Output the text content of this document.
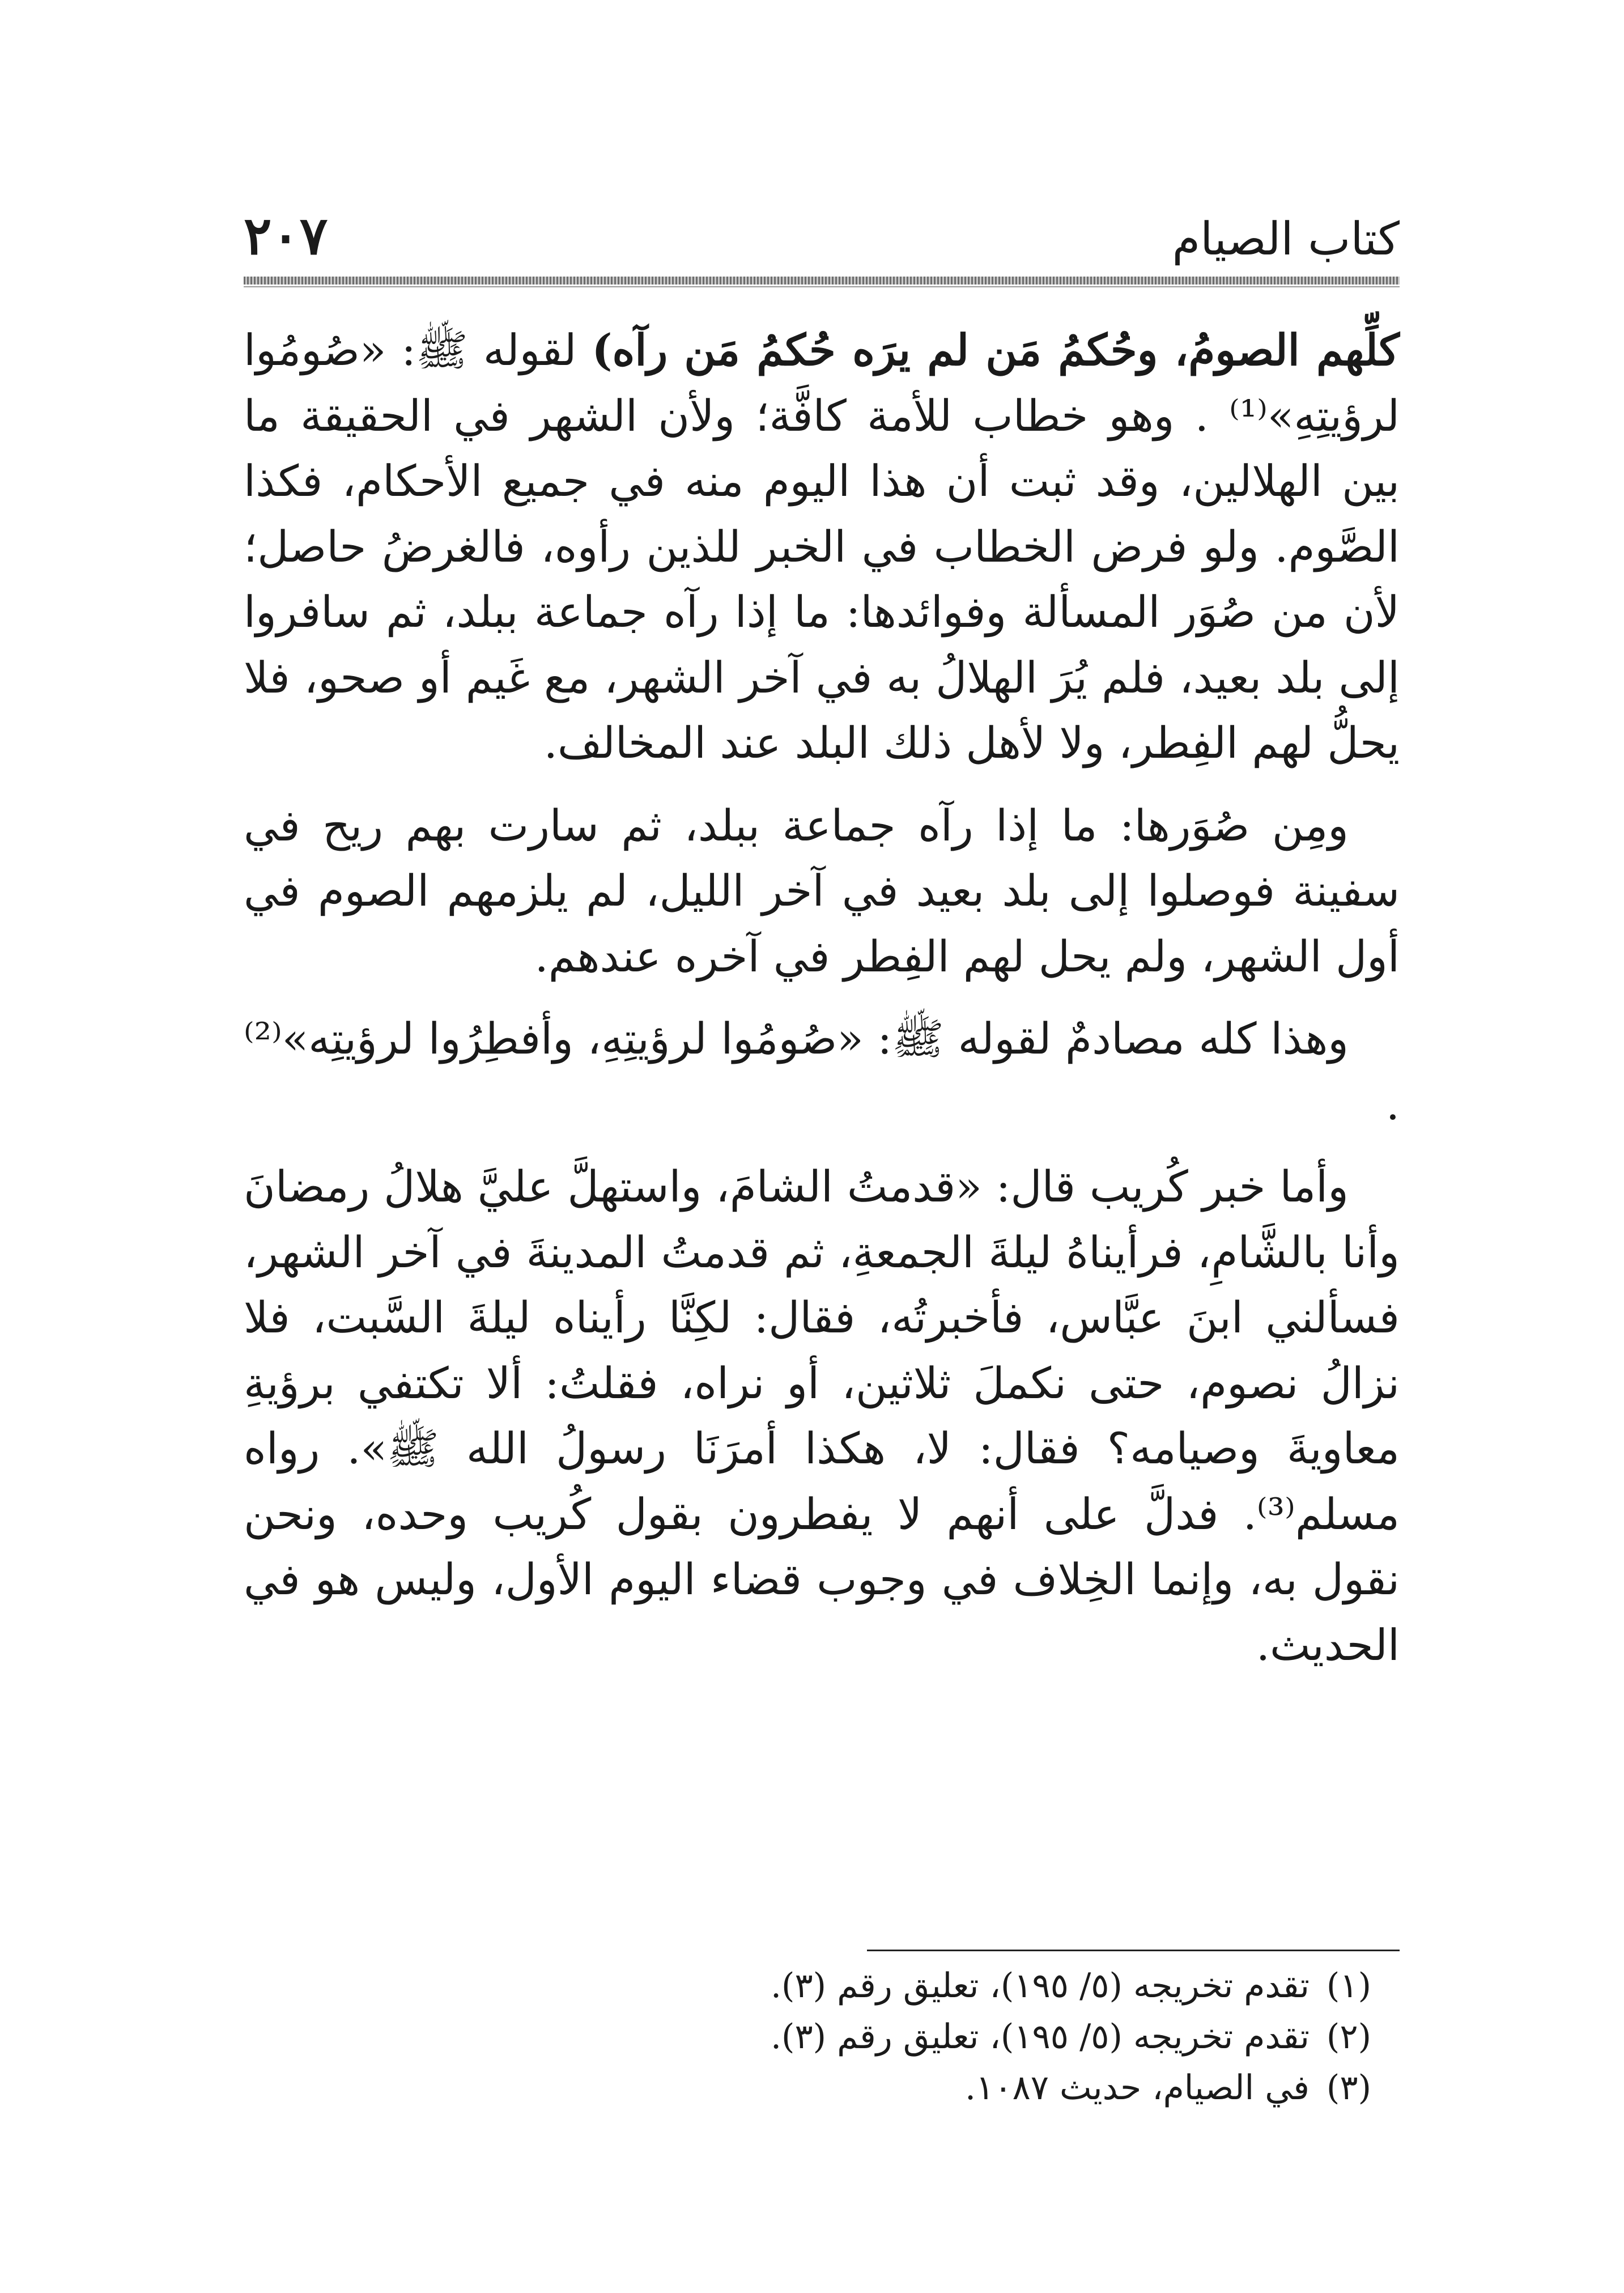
كتاب الصيام
٢٠٧

كلِّهم الصومُ، وحُكمُ مَن لم يرَه حُكمُ مَن رآه) لقوله ﷺ: «صُومُوا لرؤيتِهِ»⁽¹⁾ . وهو خطاب للأمة كافَّة؛ ولأن الشهر في الحقيقة ما بين الهلالين، وقد ثبت أن هذا اليوم منه في جميع الأحكام، فكذا الصَّوم. ولو فرض الخطاب في الخبر للذين رأوه، فالغرضُ حاصل؛ لأن من صُوَر المسألة وفوائدها: ما إذا رآه جماعة ببلد، ثم سافروا إلى بلد بعيد، فلم يُرَ الهلالُ به في آخر الشهر، مع غَيم أو صحو، فلا يحلُّ لهم الفِطر، ولا لأهل ذلك البلد عند المخالف.

ومِن صُوَرها: ما إذا رآه جماعة ببلد، ثم سارت بهم ريح في سفينة فوصلوا إلى بلد بعيد في آخر الليل، لم يلزمهم الصوم في أول الشهر، ولم يحل لهم الفِطر في آخره عندهم.

وهذا كله مصادمٌ لقوله ﷺ: «صُومُوا لرؤيتِهِ، وأفطِرُوا لرؤيتِه»⁽²⁾ .

وأما خبر كُريب قال: «قدمتُ الشامَ، واستهلَّ عليَّ هلالُ رمضانَ وأنا بالشَّامِ، فرأيناهُ ليلةَ الجمعةِ، ثم قدمتُ المدينةَ في آخر الشهر، فسألني ابنَ عبَّاس، فأخبرتُه، فقال: لكِنَّا رأيناه ليلةَ السَّبت، فلا نزالُ نصوم، حتى نكملَ ثلاثين، أو نراه، فقلتُ: ألا تكتفي برؤيةِ معاويةَ وصيامه؟ فقال: لا، هكذا أمرَنَا رسولُ الله ﷺ». رواه مسلم⁽³⁾. فدلَّ على أنهم لا يفطرون بقول كُريب وحده، ونحن نقول به، وإنما الخِلاف في وجوب قضاء اليوم الأول، وليس هو في الحديث.

(١)تقدم تخريجه (٥/ ١٩٥)، تعليق رقم (٣).

(٢)تقدم تخريجه (٥/ ١٩٥)، تعليق رقم (٣).

(٣)في الصيام، حديث ١٠٨٧.
